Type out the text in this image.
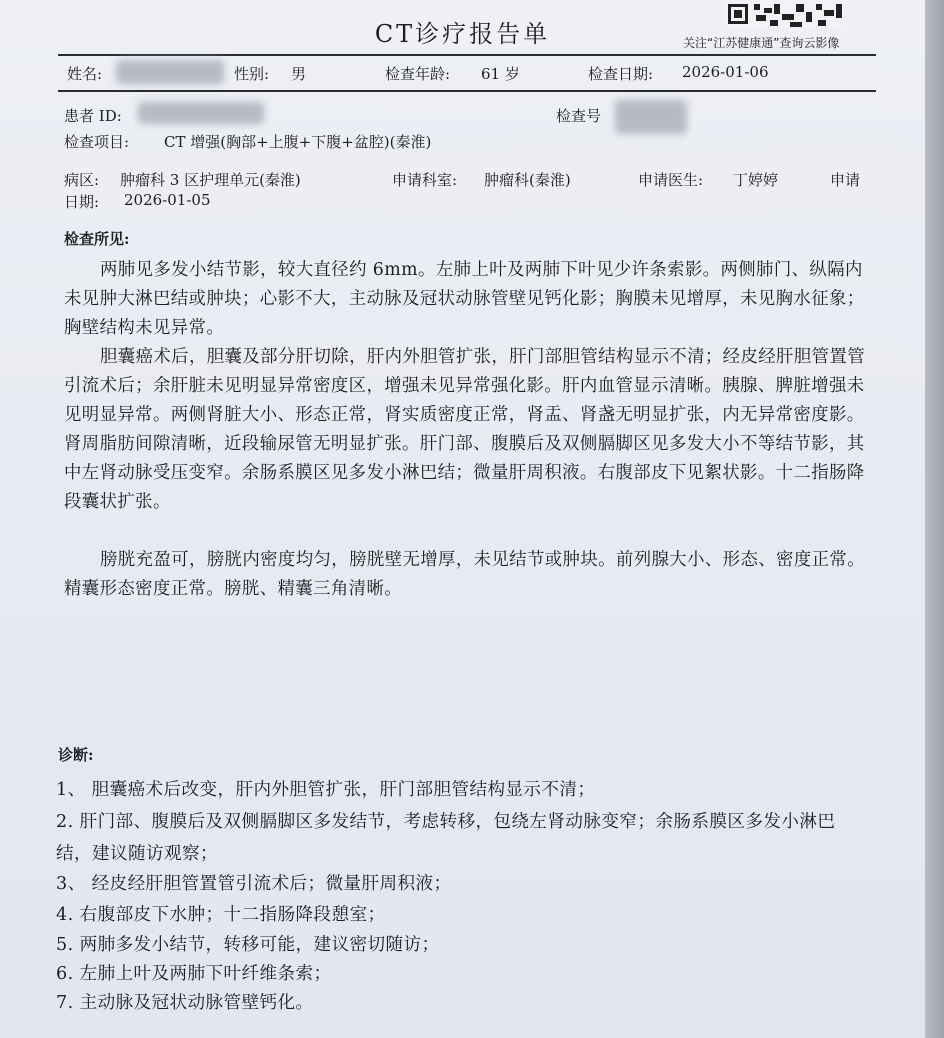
CT诊疗报告单	关注“江苏健康通”查询云影像
姓名:	性别: 男	检查年龄: 61 岁	检查日期: 2026-01-06
患者 ID:	检查号
检查项目: CT 增强(胸部+上腹+下腹+盆腔)(秦淮)
病区: 肿瘤科 3 区护理单元(秦淮)	申请科室: 肿瘤科(秦淮)	申请医生: 丁婷婷	申请
日期: 2026-01-05
检查所见:
两肺见多发小结节影，较大直径约 6mm。左肺上叶及两肺下叶见少许条索影。两侧肺门、纵隔内未见肿大淋巴结或肿块；心影不大，主动脉及冠状动脉管壁见钙化影；胸膜未见增厚，未见胸水征象；胸壁结构未见异常。
胆囊癌术后，胆囊及部分肝切除，肝内外胆管扩张，肝门部胆管结构显示不清；经皮经肝胆管置管引流术后；余肝脏未见明显异常密度区，增强未见异常强化影。肝内血管显示清晰。胰腺、脾脏增强未见明显异常。两侧肾脏大小、形态正常，肾实质密度正常，肾盂、肾盏无明显扩张，内无异常密度影。肾周脂肪间隙清晰，近段输尿管无明显扩张。肝门部、腹膜后及双侧膈脚区见多发大小不等结节影，其中左肾动脉受压变窄。余肠系膜区见多发小淋巴结；微量肝周积液。右腹部皮下见絮状影。十二指肠降段囊状扩张。
膀胱充盈可，膀胱内密度均匀，膀胱壁无增厚，未见结节或肿块。前列腺大小、形态、密度正常。精囊形态密度正常。膀胱、精囊三角清晰。
诊断:
1、 胆囊癌术后改变，肝内外胆管扩张，肝门部胆管结构显示不清；
2. 肝门部、腹膜后及双侧膈脚区多发结节，考虑转移，包绕左肾动脉变窄；余肠系膜区多发小淋巴结，建议随访观察；
3、 经皮经肝胆管置管引流术后；微量肝周积液；
4. 右腹部皮下水肿；十二指肠降段憩室；
5. 两肺多发小结节，转移可能，建议密切随访；
6. 左肺上叶及两肺下叶纤维条索；
7. 主动脉及冠状动脉管壁钙化。
